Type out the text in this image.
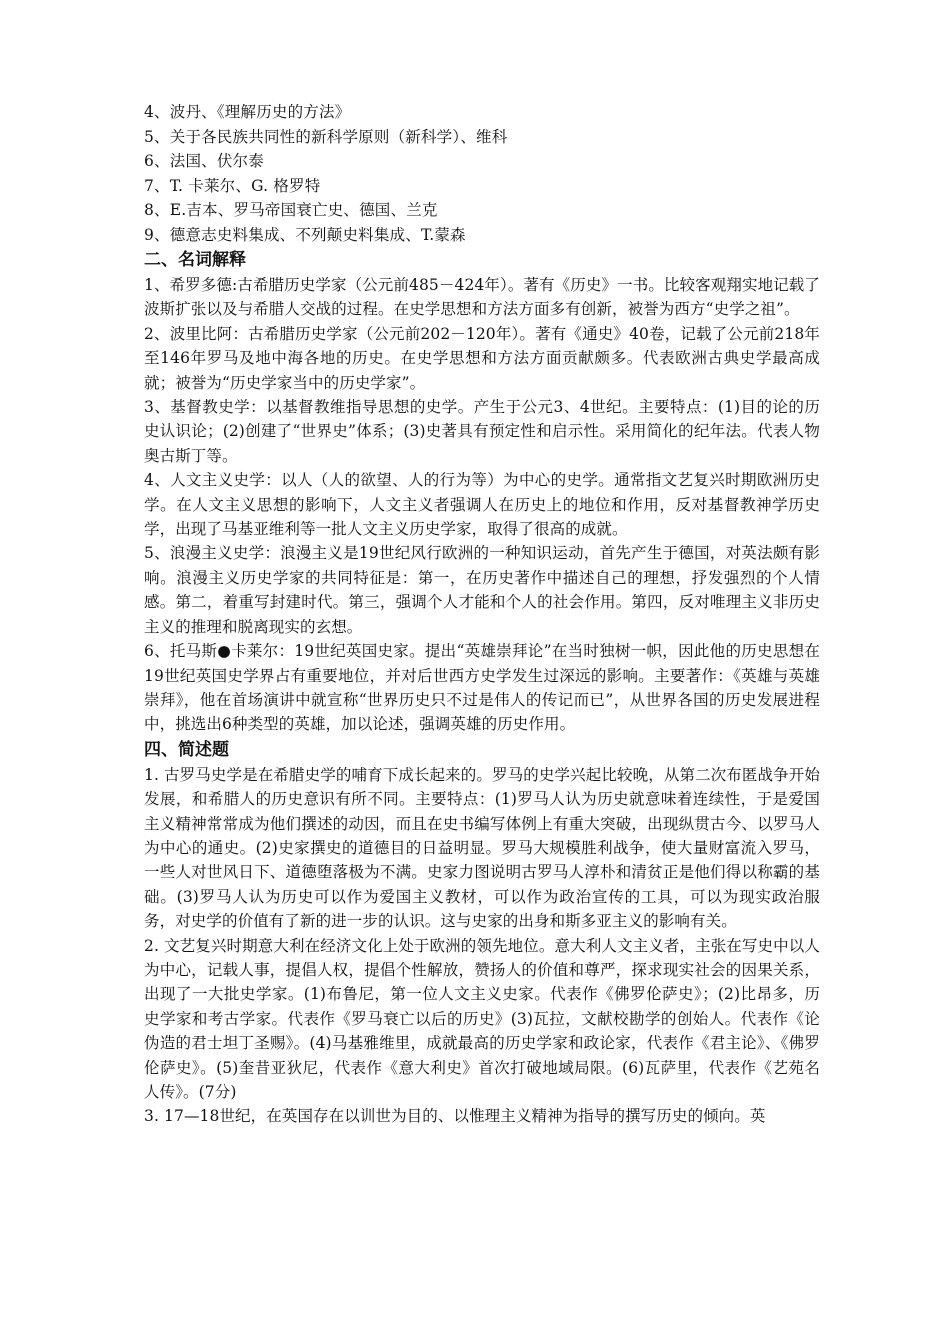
4、波丹、《理解历史的方法》

5、关于各民族共同性的新科学原则（新科学）、维科

6、法国、伏尔泰

7、T. 卡莱尔、G. 格罗特

8、E.吉本、罗马帝国衰亡史、德国、兰克

9、德意志史料集成、不列颠史料集成、T.蒙森

二、名词解释

1、希罗多德:古希腊历史学家（公元前485－424年）。著有《历史》一书。比较客观翔实地记载了波斯扩张以及与希腊人交战的过程。在史学思想和方法方面多有创新，被誉为西方“史学之祖”。

2、波里比阿：古希腊历史学家（公元前202－120年）。著有《通史》40卷，记载了公元前218年至146年罗马及地中海各地的历史。在史学思想和方法方面贡献颇多。代表欧洲古典史学最高成就；被誉为“历史学家当中的历史学家”。

3、基督教史学：以基督教维指导思想的史学。产生于公元3、4世纪。主要特点：(1)目的论的历史认识论；(2)创建了“世界史”体系；(3)史著具有预定性和启示性。采用简化的纪年法。代表人物奥古斯丁等。

4、人文主义史学：以人（人的欲望、人的行为等）为中心的史学。通常指文艺复兴时期欧洲历史学。在人文主义思想的影响下，人文主义者强调人在历史上的地位和作用，反对基督教神学历史学，出现了马基亚维利等一批人文主义历史学家，取得了很高的成就。

5、浪漫主义史学：浪漫主义是19世纪风行欧洲的一种知识运动，首先产生于德国，对英法颇有影响。浪漫主义历史学家的共同特征是：第一，在历史著作中描述自己的理想，抒发强烈的个人情感。第二，着重写封建时代。第三，强调个人才能和个人的社会作用。第四，反对唯理主义非历史主义的推理和脱离现实的玄想。

6、托马斯●卡莱尔：19世纪英国史家。提出“英雄崇拜论”在当时独树一帜，因此他的历史思想在19世纪英国史学界占有重要地位，并对后世西方史学发生过深远的影响。主要著作：《英雄与英雄崇拜》，他在首场演讲中就宣称“世界历史只不过是伟人的传记而已”，从世界各国的历史发展进程中，挑选出6种类型的英雄，加以论述，强调英雄的历史作用。

四、简述题

1. 古罗马史学是在希腊史学的哺育下成长起来的。罗马的史学兴起比较晚，从第二次布匿战争开始发展，和希腊人的历史意识有所不同。主要特点：(1)罗马人认为历史就意味着连续性，于是爱国主义精神常常成为他们撰述的动因，而且在史书编写体例上有重大突破，出现纵贯古今、以罗马人为中心的通史。(2)史家撰史的道德目的日益明显。罗马大规模胜利战争，使大量财富流入罗马，一些人对世风日下、道德堕落极为不满。史家力图说明古罗马人淳朴和清贫正是他们得以称霸的基础。(3)罗马人认为历史可以作为爱国主义教材，可以作为政治宣传的工具，可以为现实政治服务，对史学的价值有了新的进一步的认识。这与史家的出身和斯多亚主义的影响有关。

2. 文艺复兴时期意大利在经济文化上处于欧洲的领先地位。意大利人文主义者，主张在写史中以人为中心，记载人事，提倡人权，提倡个性解放，赞扬人的价值和尊严，探求现实社会的因果关系，出现了一大批史学家。(1)布鲁尼，第一位人文主义史家。代表作《佛罗伦萨史》；(2)比昂多，历史学家和考古学家。代表作《罗马衰亡以后的历史》(3)瓦拉，文献校勘学的创始人。代表作《论伪造的君士坦丁圣赐》。(4)马基雅维里，成就最高的历史学家和政论家，代表作《君主论》、《佛罗伦萨史》。(5)奎昔亚狄尼，代表作《意大利史》首次打破地域局限。(6)瓦萨里，代表作《艺苑名人传》。(7分)

3. 17—18世纪，在英国存在以训世为目的、以惟理主义精神为指导的撰写历史的倾向。英
